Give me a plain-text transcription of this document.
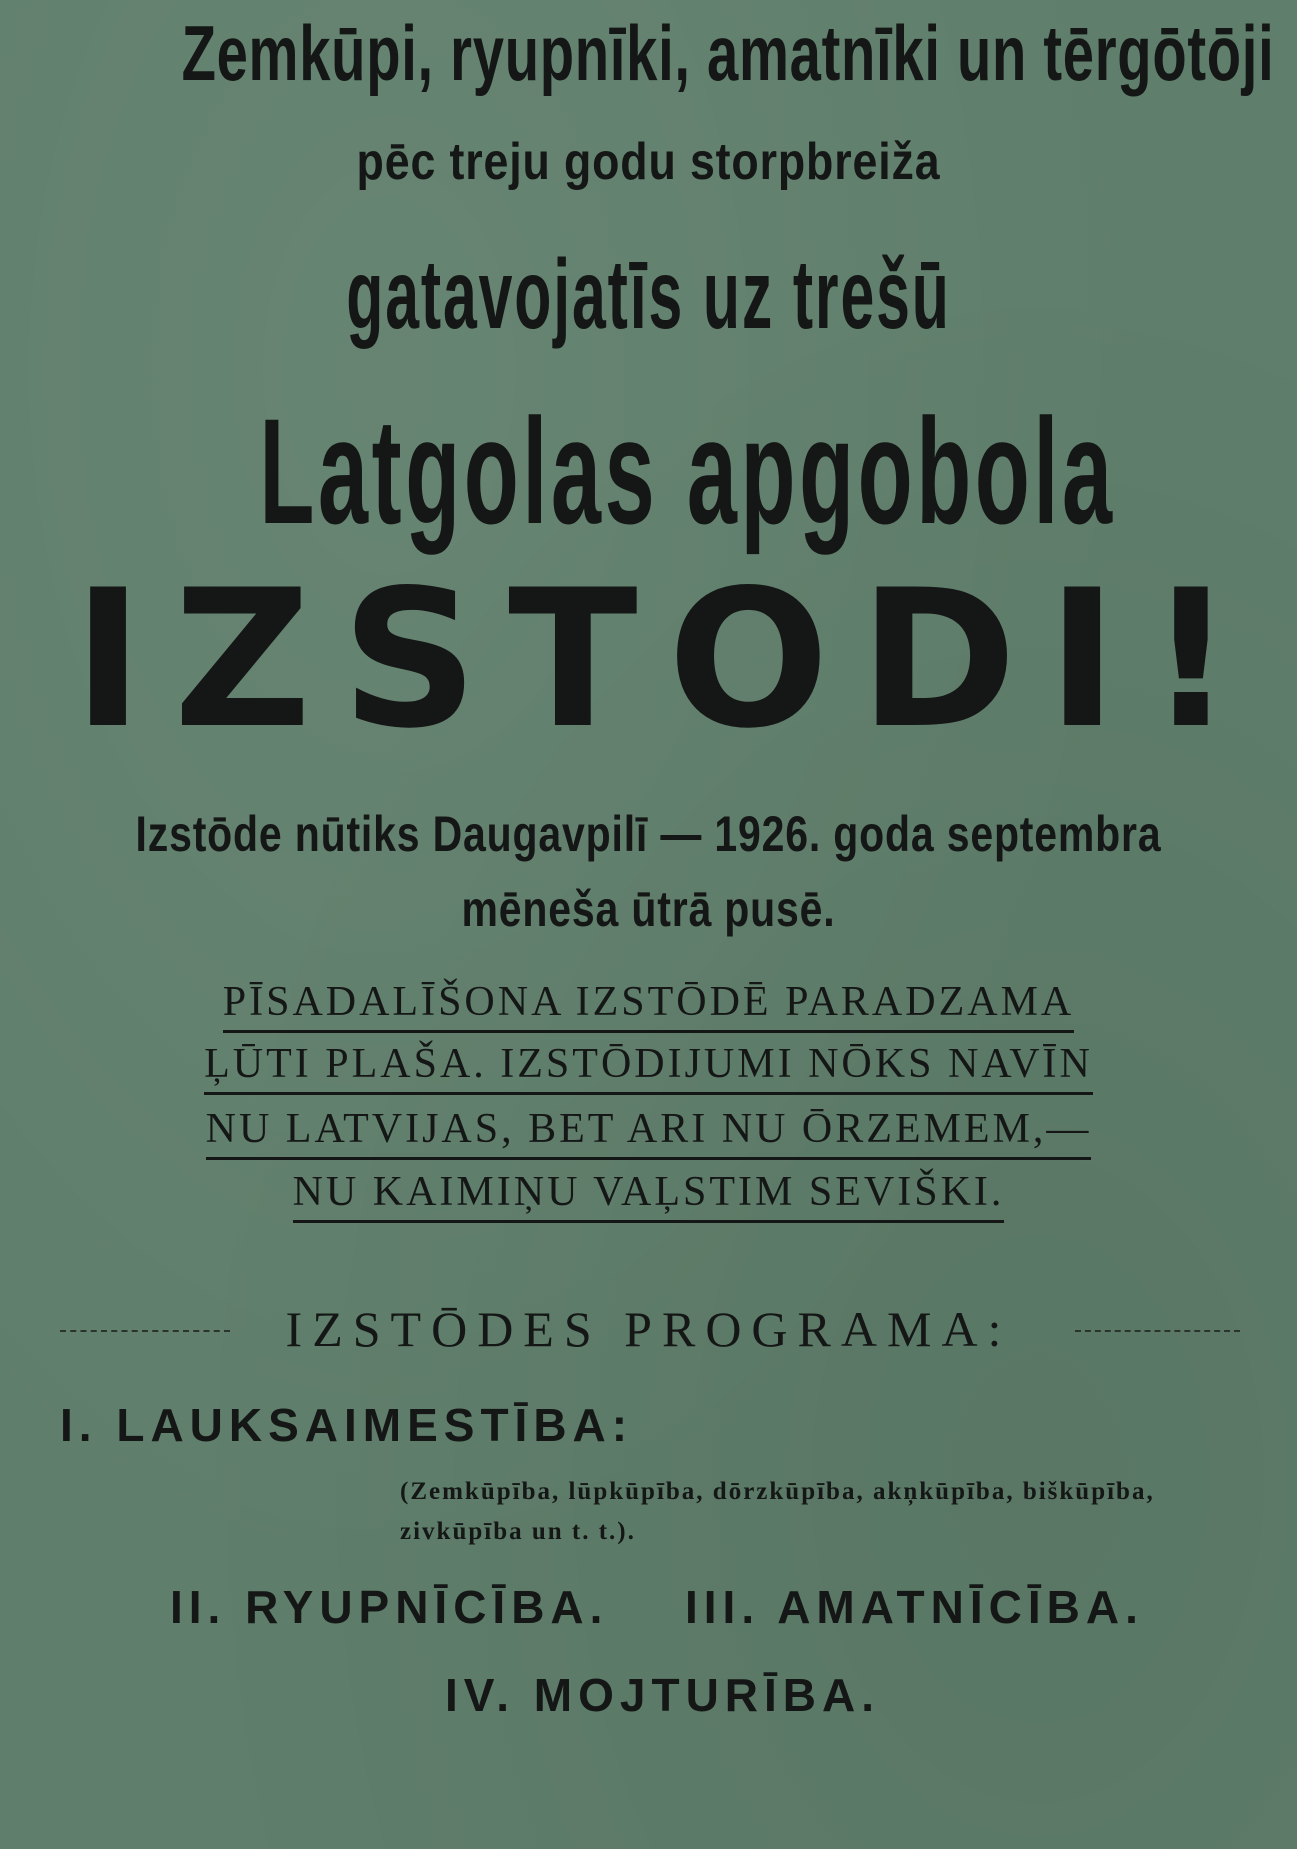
Zemkūpi, ryupnīki, amatnīki un tērgōtōji
pēc treju godu storpbreiža
gatavojatīs uz trešū
Latgolas apgobola
IZSTODI!
Izstōde nūtiks Daugavpilī — 1926. goda septembra
mēneša ūtrā pusē.
PĪSADALĪŠONA IZSTŌDĒ PARADZAMA
ĻŪTI PLAŠA. IZSTŌDIJUMI NŌKS NAVĪN
NU LATVIJAS, BET ARI NU ŌRZEMEM,—
NU KAIMIŅU VAĻSTIM SEVIŠKI.
IZSTŌDES PROGRAMA:
I. LAUKSAIMESTĪBA:
(Zemkūpība, lūpkūpība, dōrzkūpība, akņkūpība, biškūpība, zivkūpība un t. t.).
II. RYUPNĪCĪBA. III. AMATNĪCĪBA.
IV. MOJTURĪBA.
